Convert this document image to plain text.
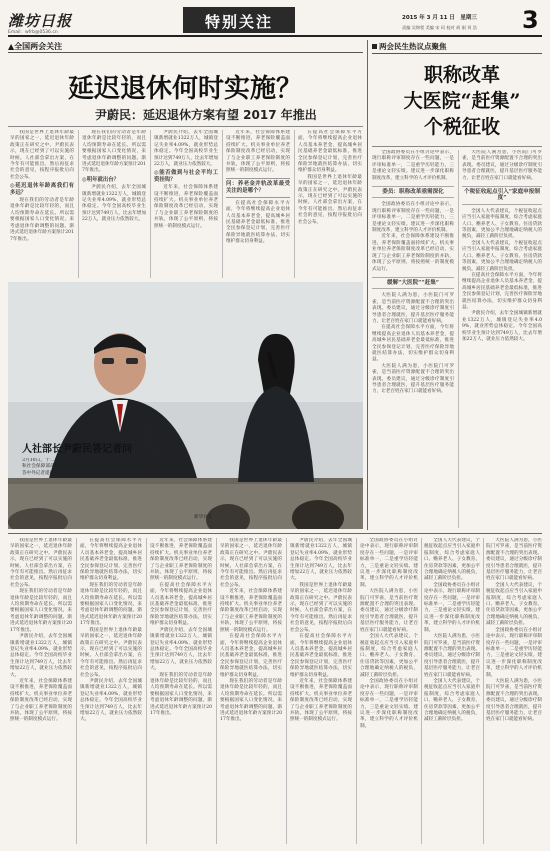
潍坊日报
Email：wfrb@0536.cn
特别关注	2015 年 3 月 11 日　星期三
责编 吴锦程 美编 宋 珂 校对 胡 刚 刘 浩 3
▲全国两会关注
延迟退休何时实施？
尹蔚民：延迟退休方案有望 2017 年推出

我国是世界上退休年龄最早的国家之一，延迟退休年龄政策正在研究之中。尹蔚民表示，现在已经到了可以实施的时候。人社部会拿出方案，在今年有可能推出。然后再征求社会的意见，按程序报批后向社会公布。

◎延迟退休年龄离我们有多远？

现在我们的劳动者是年龄退休年龄是比较年轻的，而且人均预期寿命在延长。所以需要根据国家人口变化情况，来考虑退休年龄调整的问题。渐进式延迟退休年龄方案预计2017年推出。

现在我们的劳动者是年龄退休年龄是比较年轻的，而且人均预期寿命在延长。所以需要根据国家人口变化情况，来考虑退休年龄调整的问题。渐进式延迟退休年龄方案预计2017年推出。

◎明年就出台？

尹蔚民介绍，去年全国城镇新增就业1322万人，城镇登记失业率4.09%，就业形势总体稳定。今年全国高校毕业生预计达到749万人，比去年增加22万人，就业压力依然较大。

尹蔚民介绍，去年全国城镇新增就业1322万人，城镇登记失业率4.09%，就业形势总体稳定。今年全国高校毕业生预计达到749万人，比去年增加22万人，就业压力依然较大。

◎能否做到与社会平均工资挂钩？

近年来，社会保障体系建设不断推进，养老保险覆盖面持续扩大。机关事业单位养老保险制度改革已经启动，实现了与企业职工养老保险制度的并轨，体现了公平原则，将按照统一的制度模式运行。

近年来，社会保障体系建设不断推进，养老保险覆盖面持续扩大。机关事业单位养老保险制度改革已经启动，实现了与企业职工养老保险制度的并轨，体现了公平原则，将按照统一的制度模式运行。

问：养老金并轨改革最受关注的是哪个？

在提高社会保障水平方面，今年将继续提高企业退休人员基本养老金，提高城乡居民基础养老金最低标准，推进全民参保登记计划，完善医疗保险异地就医结算办法，切实维护群众切身利益。

在提高社会保障水平方面，今年将继续提高企业退休人员基本养老金，提高城乡居民基础养老金最低标准，推进全民参保登记计划，完善医疗保险异地就医结算办法，切实维护群众切身利益。

我国是世界上退休年龄最早的国家之一，延迟退休年龄政策正在研究之中。尹蔚民表示，现在已经到了可以实施的时候。人社部会拿出方案，在今年有可能推出。然后再征求社会的意见，按程序报批后向社会公布。

人社部长尹蔚民答记者问
3月10日，十二届全国人大三次会议新闻中心举行记者会，邀请人力资源和社会保障部部长尹蔚民、副部长胡晓义就“就业和社会保障”相关问题回答中外记者提问。
新华社发
两会民生热议点聚焦
职称改革
大医院“赶集”
个税征收

全国政协委员在小组讨论中表示，现行职称评审制度存在一些问题，一是评审标准单一，二是重学历轻能力，三是重论文轻实绩。建议进一步深化职称制度改革，建立科学的人才评价机制。

委员：职称改革亟需深化

全国政协委员在小组讨论中表示，现行职称评审制度存在一些问题，一是评审标准单一，二是重学历轻能力，三是重论文轻实绩。建议进一步深化职称制度改革，建立科学的人才评价机制。

近年来，社会保障体系建设不断推进，养老保险覆盖面持续扩大。机关事业单位养老保险制度改革已经启动，实现了与企业职工养老保险制度的并轨，体现了公平原则，将按照统一的制度模式运行。

缓解“大医院”“赶集”

大医院人满为患，小医院门可罗雀，是当前医疗资源配置不合理的突出表现。委员建议，通过分级诊疗制度引导患者合理就医，提升基层医疗服务能力，让老百姓在家门口就能看好病。

在提高社会保障水平方面，今年将继续提高企业退休人员基本养老金，提高城乡居民基础养老金最低标准，推进全民参保登记计划，完善医疗保险异地就医结算办法，切实维护群众切身利益。

大医院人满为患，小医院门可罗雀，是当前医疗资源配置不合理的突出表现。委员建议，通过分级诊疗制度引导患者合理就医，提升基层医疗服务能力，让老百姓在家门口就能看好病。

大医院人满为患，小医院门可罗雀，是当前医疗资源配置不合理的突出表现。委员建议，通过分级诊疗制度引导患者合理就医，提升基层医疗服务能力，让老百姓在家门口就能看好病。

个税征收起点引入“家庭申报制度”

全国人大代表建议，个税征收起点应当引入家庭申报制度，综合考虑家庭人口、赡养老人、子女教育、住房贷款等因素，更加公平合理地确定纳税人的税负，减轻工薪阶层负担。

全国人大代表建议，个税征收起点应当引入家庭申报制度，综合考虑家庭人口、赡养老人、子女教育、住房贷款等因素，更加公平合理地确定纳税人的税负，减轻工薪阶层负担。

在提高社会保障水平方面，今年将继续提高企业退休人员基本养老金，提高城乡居民基础养老金最低标准，推进全民参保登记计划，完善医疗保险异地就医结算办法，切实维护群众切身利益。

尹蔚民介绍，去年全国城镇新增就业1322万人，城镇登记失业率4.09%，就业形势总体稳定。今年全国高校毕业生预计达到749万人，比去年增加22万人，就业压力依然较大。

我国是世界上退休年龄最早的国家之一，延迟退休年龄政策正在研究之中。尹蔚民表示，现在已经到了可以实施的时候。人社部会拿出方案，在今年有可能推出。然后再征求社会的意见，按程序报批后向社会公布。

现在我们的劳动者是年龄退休年龄是比较年轻的，而且人均预期寿命在延长。所以需要根据国家人口变化情况，来考虑退休年龄调整的问题。渐进式延迟退休年龄方案预计2017年推出。

尹蔚民介绍，去年全国城镇新增就业1322万人，城镇登记失业率4.09%，就业形势总体稳定。今年全国高校毕业生预计达到749万人，比去年增加22万人，就业压力依然较大。

近年来，社会保障体系建设不断推进，养老保险覆盖面持续扩大。机关事业单位养老保险制度改革已经启动，实现了与企业职工养老保险制度的并轨，体现了公平原则，将按照统一的制度模式运行。

在提高社会保障水平方面，今年将继续提高企业退休人员基本养老金，提高城乡居民基础养老金最低标准，推进全民参保登记计划，完善医疗保险异地就医结算办法，切实维护群众切身利益。

现在我们的劳动者是年龄退休年龄是比较年轻的，而且人均预期寿命在延长。所以需要根据国家人口变化情况，来考虑退休年龄调整的问题。渐进式延迟退休年龄方案预计2017年推出。

我国是世界上退休年龄最早的国家之一，延迟退休年龄政策正在研究之中。尹蔚民表示，现在已经到了可以实施的时候。人社部会拿出方案，在今年有可能推出。然后再征求社会的意见，按程序报批后向社会公布。

尹蔚民介绍，去年全国城镇新增就业1322万人，城镇登记失业率4.09%，就业形势总体稳定。今年全国高校毕业生预计达到749万人，比去年增加22万人，就业压力依然较大。

近年来，社会保障体系建设不断推进，养老保险覆盖面持续扩大。机关事业单位养老保险制度改革已经启动，实现了与企业职工养老保险制度的并轨，体现了公平原则，将按照统一的制度模式运行。

在提高社会保障水平方面，今年将继续提高企业退休人员基本养老金，提高城乡居民基础养老金最低标准，推进全民参保登记计划，完善医疗保险异地就医结算办法，切实维护群众切身利益。

尹蔚民介绍，去年全国城镇新增就业1322万人，城镇登记失业率4.09%，就业形势总体稳定。今年全国高校毕业生预计达到749万人，比去年增加22万人，就业压力依然较大。

现在我们的劳动者是年龄退休年龄是比较年轻的，而且人均预期寿命在延长。所以需要根据国家人口变化情况，来考虑退休年龄调整的问题。渐进式延迟退休年龄方案预计2017年推出。

我国是世界上退休年龄最早的国家之一，延迟退休年龄政策正在研究之中。尹蔚民表示，现在已经到了可以实施的时候。人社部会拿出方案，在今年有可能推出。然后再征求社会的意见，按程序报批后向社会公布。

近年来，社会保障体系建设不断推进，养老保险覆盖面持续扩大。机关事业单位养老保险制度改革已经启动，实现了与企业职工养老保险制度的并轨，体现了公平原则，将按照统一的制度模式运行。

在提高社会保障水平方面，今年将继续提高企业退休人员基本养老金，提高城乡居民基础养老金最低标准，推进全民参保登记计划，完善医疗保险异地就医结算办法，切实维护群众切身利益。

现在我们的劳动者是年龄退休年龄是比较年轻的，而且人均预期寿命在延长。所以需要根据国家人口变化情况，来考虑退休年龄调整的问题。渐进式延迟退休年龄方案预计2017年推出。

尹蔚民介绍，去年全国城镇新增就业1322万人，城镇登记失业率4.09%，就业形势总体稳定。今年全国高校毕业生预计达到749万人，比去年增加22万人，就业压力依然较大。

我国是世界上退休年龄最早的国家之一，延迟退休年龄政策正在研究之中。尹蔚民表示，现在已经到了可以实施的时候。人社部会拿出方案，在今年有可能推出。然后再征求社会的意见，按程序报批后向社会公布。

在提高社会保障水平方面，今年将继续提高企业退休人员基本养老金，提高城乡居民基础养老金最低标准，推进全民参保登记计划，完善医疗保险异地就医结算办法，切实维护群众切身利益。

近年来，社会保障体系建设不断推进，养老保险覆盖面持续扩大。机关事业单位养老保险制度改革已经启动，实现了与企业职工养老保险制度的并轨，体现了公平原则，将按照统一的制度模式运行。

全国政协委员在小组讨论中表示，现行职称评审制度存在一些问题，一是评审标准单一，二是重学历轻能力，三是重论文轻实绩。建议进一步深化职称制度改革，建立科学的人才评价机制。

大医院人满为患，小医院门可罗雀，是当前医疗资源配置不合理的突出表现。委员建议，通过分级诊疗制度引导患者合理就医，提升基层医疗服务能力，让老百姓在家门口就能看好病。

全国人大代表建议，个税征收起点应当引入家庭申报制度，综合考虑家庭人口、赡养老人、子女教育、住房贷款等因素，更加公平合理地确定纳税人的税负，减轻工薪阶层负担。

全国政协委员在小组讨论中表示，现行职称评审制度存在一些问题，一是评审标准单一，二是重学历轻能力，三是重论文轻实绩。建议进一步深化职称制度改革，建立科学的人才评价机制。

全国人大代表建议，个税征收起点应当引入家庭申报制度，综合考虑家庭人口、赡养老人、子女教育、住房贷款等因素，更加公平合理地确定纳税人的税负，减轻工薪阶层负担。

全国政协委员在小组讨论中表示，现行职称评审制度存在一些问题，一是评审标准单一，二是重学历轻能力，三是重论文轻实绩。建议进一步深化职称制度改革，建立科学的人才评价机制。

大医院人满为患，小医院门可罗雀，是当前医疗资源配置不合理的突出表现。委员建议，通过分级诊疗制度引导患者合理就医，提升基层医疗服务能力，让老百姓在家门口就能看好病。

全国人大代表建议，个税征收起点应当引入家庭申报制度，综合考虑家庭人口、赡养老人、子女教育、住房贷款等因素，更加公平合理地确定纳税人的税负，减轻工薪阶层负担。

大医院人满为患，小医院门可罗雀，是当前医疗资源配置不合理的突出表现。委员建议，通过分级诊疗制度引导患者合理就医，提升基层医疗服务能力，让老百姓在家门口就能看好病。

全国人大代表建议，个税征收起点应当引入家庭申报制度，综合考虑家庭人口、赡养老人、子女教育、住房贷款等因素，更加公平合理地确定纳税人的税负，减轻工薪阶层负担。

全国政协委员在小组讨论中表示，现行职称评审制度存在一些问题，一是评审标准单一，二是重学历轻能力，三是重论文轻实绩。建议进一步深化职称制度改革，建立科学的人才评价机制。

大医院人满为患，小医院门可罗雀，是当前医疗资源配置不合理的突出表现。委员建议，通过分级诊疗制度引导患者合理就医，提升基层医疗服务能力，让老百姓在家门口就能看好病。
